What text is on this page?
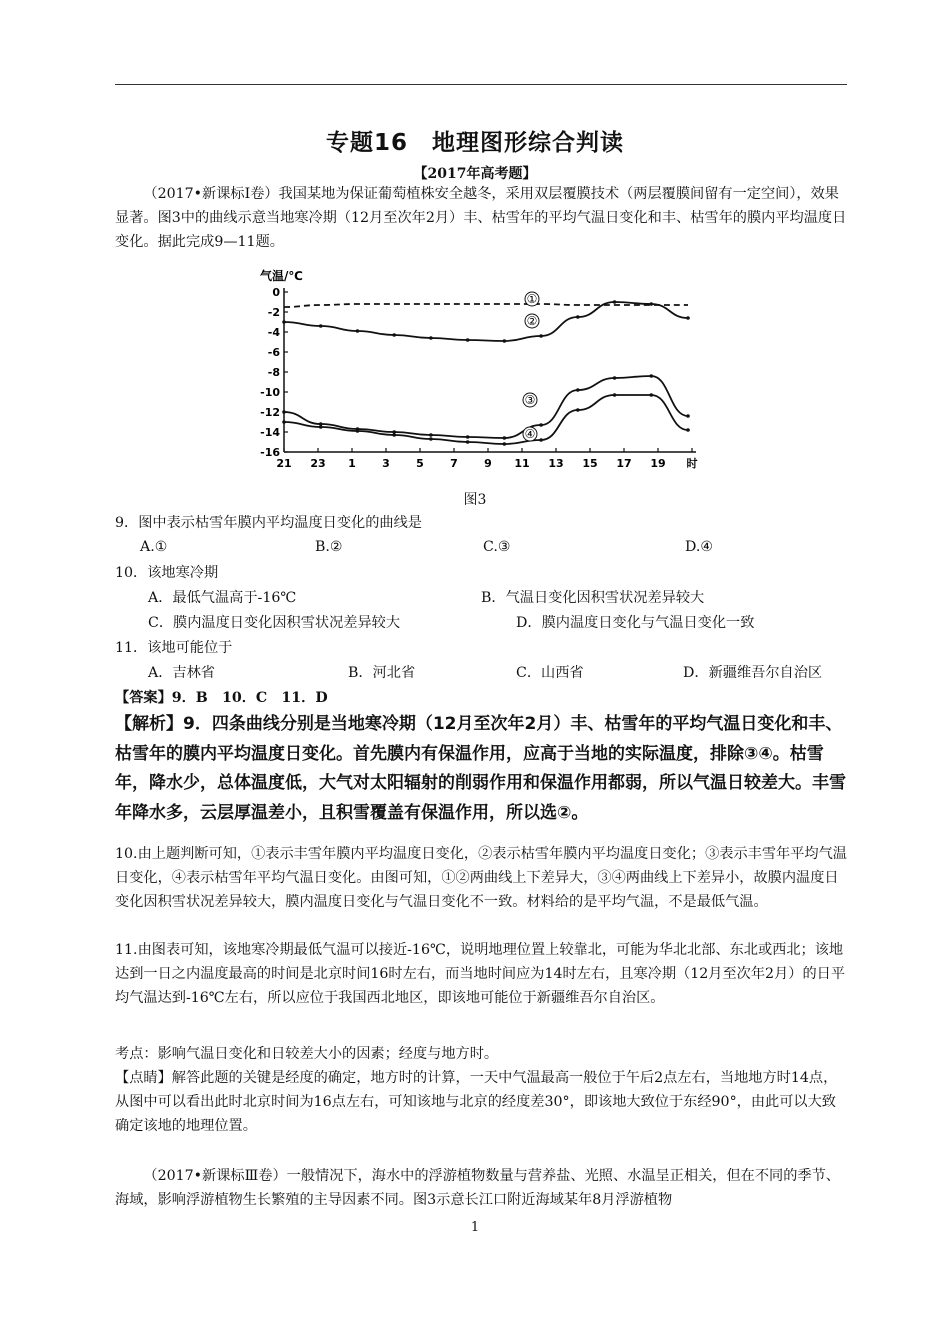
专题16　地理图形综合判读
【2017年高考题】
（2017•新课标Ⅰ卷）我国某地为保证葡萄植株安全越冬，采用双层覆膜技术（两层覆膜间留有一定空间），效果显著。图3中的曲线示意当地寒冷期（12月至次年2月）丰、枯雪年的平均气温日变化和丰、枯雪年的膜内平均温度日变化。据此完成9—11题。
气温/℃
0
-2
-4
-6
-8
-10
-12
-14
-16
21 23 1 3 5 7 9 11 13 15 17 19 时
①
②
③
④
图3
9．图中表示枯雪年膜内平均温度日变化的曲线是
A.①	B.②	C.③	D.④
10．该地寒冷期
A．最低气温高于-16℃	B．气温日变化因积雪状况差异较大
C．膜内温度日变化因积雪状况差异较大	D．膜内温度日变化与气温日变化一致
11．该地可能位于
A．吉林省	B．河北省	C．山西省	D．新疆维吾尔自治区
【答案】9．B　10．C　11．D
【解析】9．四条曲线分别是当地寒冷期（12月至次年2月）丰、枯雪年的平均气温日变化和丰、枯雪年的膜内平均温度日变化。首先膜内有保温作用，应高于当地的实际温度，排除③④。枯雪年，降水少，总体温度低，大气对太阳辐射的削弱作用和保温作用都弱，所以气温日较差大。丰雪年降水多，云层厚温差小，且积雪覆盖有保温作用，所以选②。
10.由上题判断可知，①表示丰雪年膜内平均温度日变化，②表示枯雪年膜内平均温度日变化；③表示丰雪年平均气温日变化，④表示枯雪年平均气温日变化。由图可知，①②两曲线上下差异大，③④两曲线上下差异小，故膜内温度日变化因积雪状况差异较大，膜内温度日变化与气温日变化不一致。材料给的是平均气温，不是最低气温。
11.由图表可知，该地寒冷期最低气温可以接近-16℃，说明地理位置上较靠北，可能为华北北部、东北或西北；该地达到一日之内温度最高的时间是北京时间16时左右，而当地时间应为14时左右，且寒冷期（12月至次年2月）的日平均气温达到-16℃左右，所以应位于我国西北地区，即该地可能位于新疆维吾尔自治区。
考点：影响气温日变化和日较差大小的因素；经度与地方时。
【点睛】解答此题的关键是经度的确定，地方时的计算，一天中气温最高一般位于午后2点左右，当地地方时14点，从图中可以看出此时北京时间为16点左右，可知该地与北京的经度差30°，即该地大致位于东经90°，由此可以大致确定该地的地理位置。
（2017•新课标Ⅲ卷）一般情况下，海水中的浮游植物数量与营养盐、光照、水温呈正相关，但在不同的季节、海域，影响浮游植物生长繁殖的主导因素不同。图3示意长江口附近海域某年8月浮游植物
1
